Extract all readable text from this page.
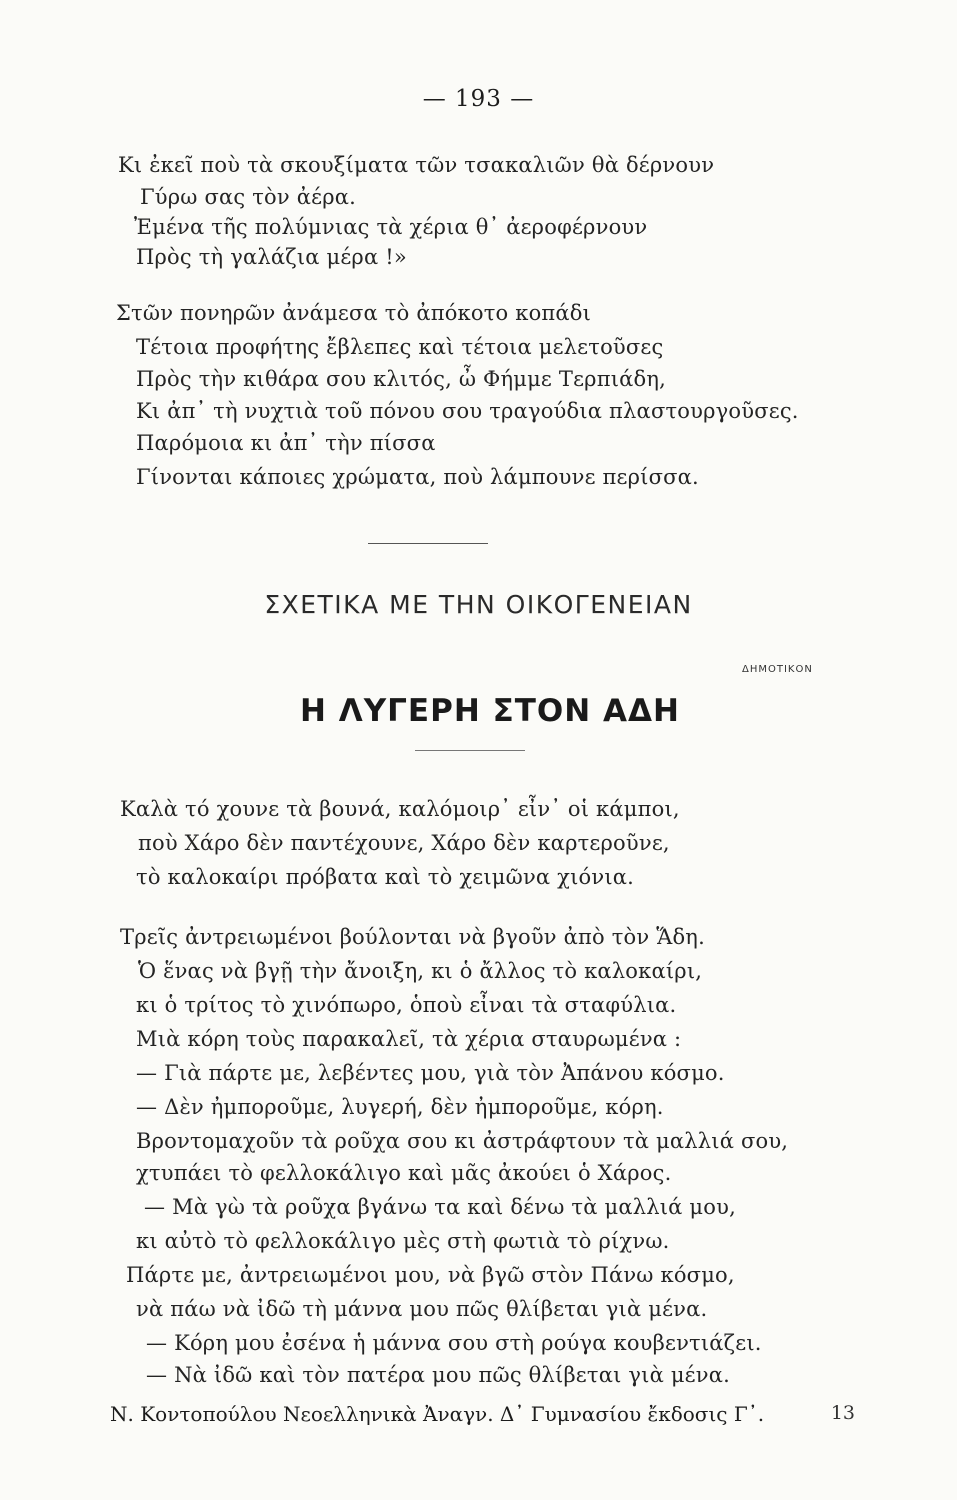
— 193 —
Κι ἐκεῖ ποὺ τὰ σκουξίματα τῶν τσακαλιῶν θὰ δέρνουν
Γύρω σας τὸν ἀέρα.
Ἐμένα τῆς πολύμνιας τὰ χέρια θ᾽ ἀεροφέρνουν
Πρὸς τὴ γαλάζια μέρα !»
Στῶν πονηρῶν ἀνάμεσα τὸ ἀπόκοτο κοπάδι
Τέτοια προφήτης ἔβλεπες καὶ τέτοια μελετοῦσες
Πρὸς τὴν κιθάρα σου κλιτός, ὦ Φήμμε Τερπιάδη,
Κι ἀπ᾽ τὴ νυχτιὰ τοῦ πόνου σου τραγούδια πλαστουργοῦσες.
Παρόμοια κι ἀπ᾽ τὴν πίσσα
Γίνονται κάποιες χρώματα, ποὺ λάμπουνε περίσσα.
ΣΧΕΤΙΚΑ ΜΕ ΤΗΝ ΟΙΚΟΓΕΝΕΙΑΝ
ΔΗΜΟΤΙΚΟΝ
Η ΛΥΓΕΡΗ ΣΤΟΝ ΑΔΗ
Καλὰ τό χουνε τὰ βουνά, καλόμοιρ᾽ εἶν᾽ οἱ κάμποι,
ποὺ Χάρο δὲν παντέχουνε, Χάρο δὲν καρτεροῦνε,
τὸ καλοκαίρι πρόβατα καὶ τὸ χειμῶνα χιόνια.
Τρεῖς ἀντρειωμένοι βούλονται νὰ βγοῦν ἀπὸ τὸν Ἅδη.
Ὁ ἕνας νὰ βγῇ τὴν ἄνοιξη, κι ὁ ἄλλος τὸ καλοκαίρι,
κι ὁ τρίτος τὸ χινόπωρο, ὁποὺ εἶναι τὰ σταφύλια.
Μιὰ κόρη τοὺς παρακαλεῖ, τὰ χέρια σταυρωμένα :
— Γιὰ πάρτε με, λεβέντες μου, γιὰ τὸν Ἀπάνου κόσμο.
— Δὲν ἠμποροῦμε, λυγερή, δὲν ἠμποροῦμε, κόρη.
Βροντομαχοῦν τὰ ροῦχα σου κι ἀστράφτουν τὰ μαλλιά σου,
χτυπάει τὸ φελλοκάλιγο καὶ μᾶς ἀκούει ὁ Χάρος.
— Μὰ γὼ τὰ ροῦχα βγάνω τα καὶ δένω τὰ μαλλιά μου,
κι αὐτὸ τὸ φελλοκάλιγο μὲς στὴ φωτιὰ τὸ ρίχνω.
Πάρτε με, ἀντρειωμένοι μου, νὰ βγῶ στὸν Πάνω κόσμο,
νὰ πάω νὰ ἰδῶ τὴ μάννα μου πῶς θλίβεται γιὰ μένα.
— Κόρη μου ἐσένα ἡ μάννα σου στὴ ρούγα κουβεντιάζει.
— Νὰ ἰδῶ καὶ τὸν πατέρα μου πῶς θλίβεται γιὰ μένα.
Ν. Κοντοπούλου Νεοελληνικὰ Ἀναγν. Δ᾽ Γυμνασίου ἔκδοσις Γ᾽.	13
